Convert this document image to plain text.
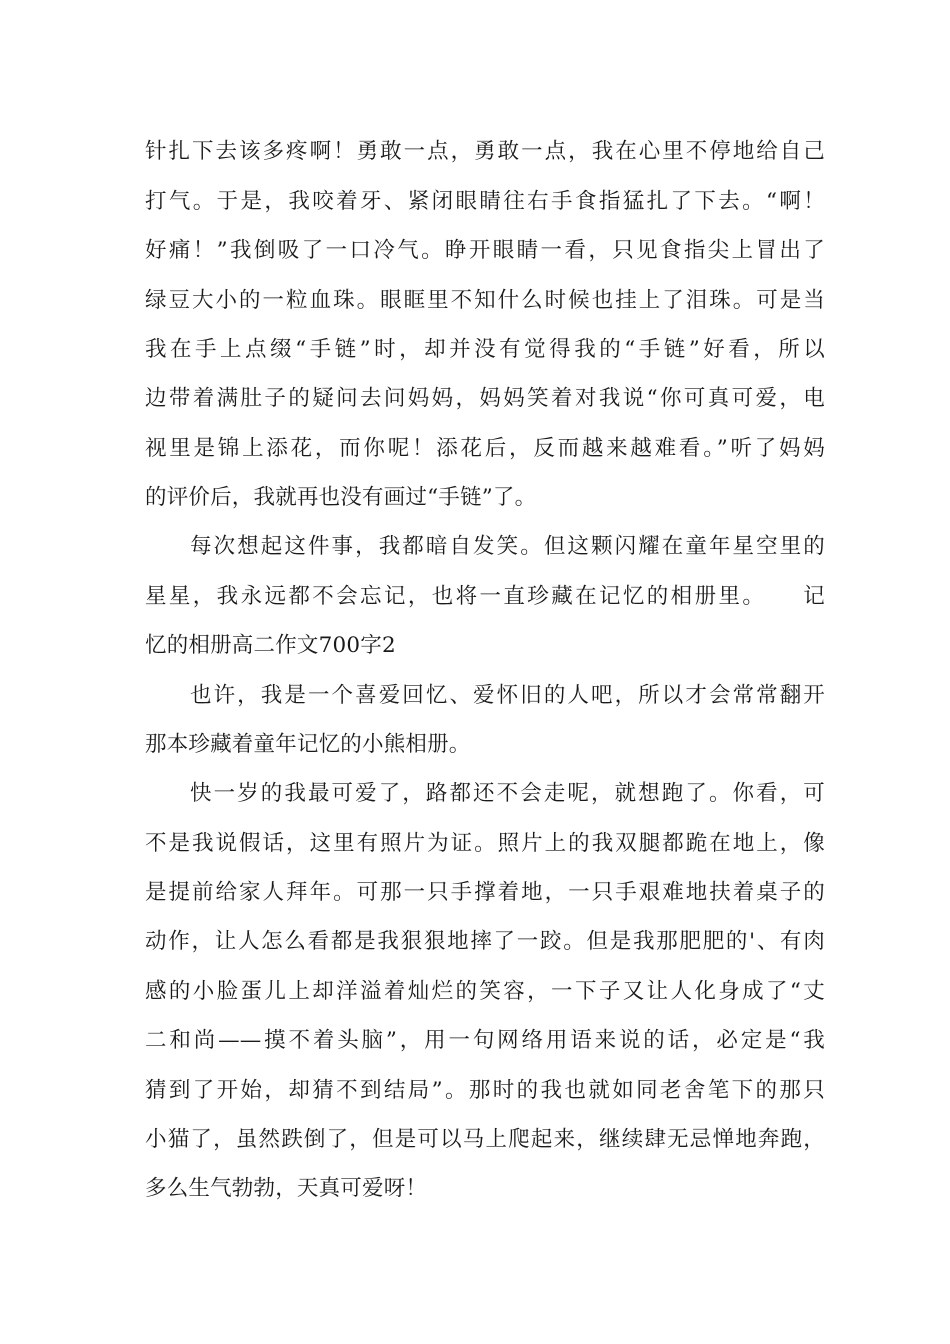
针扎下去该多疼啊！勇敢一点，勇敢一点，我在心里不停地给自己
打气。于是，我咬着牙、紧闭眼睛往右手食指猛扎了下去。“啊！
好痛！”我倒吸了一口冷气。睁开眼睛一看，只见食指尖上冒出了
绿豆大小的一粒血珠。眼眶里不知什么时候也挂上了泪珠。可是当
我在手上点缀“手链”时，却并没有觉得我的“手链”好看，所以
边带着满肚子的疑问去问妈妈，妈妈笑着对我说“你可真可爱，电
视里是锦上添花，而你呢！添花后，反而越来越难看。”听了妈妈
的评价后，我就再也没有画过“手链”了。
每次想起这件事，我都暗自发笑。但这颗闪耀在童年星空里的
星星，我永远都不会忘记，也将一直珍藏在记忆的相册里。　　记
忆的相册高二作文700字2
也许，我是一个喜爱回忆、爱怀旧的人吧，所以才会常常翻开
那本珍藏着童年记忆的小熊相册。
快一岁的我最可爱了，路都还不会走呢，就想跑了。你看，可
不是我说假话，这里有照片为证。照片上的我双腿都跪在地上，像
是提前给家人拜年。可那一只手撑着地，一只手艰难地扶着桌子的
动作，让人怎么看都是我狠狠地摔了一跤。但是我那肥肥的'、有肉
感的小脸蛋儿上却洋溢着灿烂的笑容，一下子又让人化身成了“丈
二和尚——摸不着头脑”，用一句网络用语来说的话，必定是“我
猜到了开始，却猜不到结局”。那时的我也就如同老舍笔下的那只
小猫了，虽然跌倒了，但是可以马上爬起来，继续肆无忌惮地奔跑，
多么生气勃勃，天真可爱呀！
